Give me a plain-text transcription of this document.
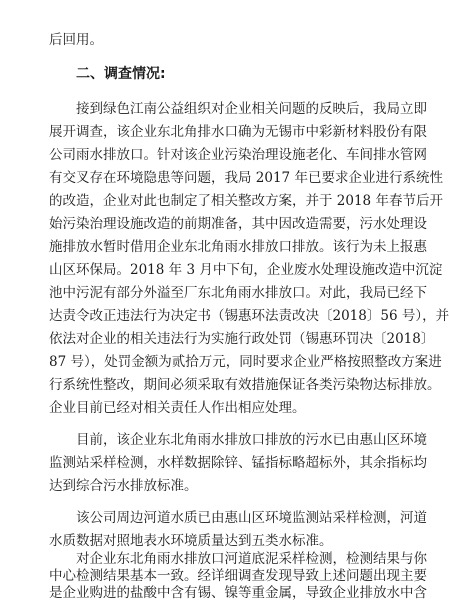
后回用。
二、调查情况:
接到绿色江南公益组织对企业相关问题的反映后，我局立即
展开调查，该企业东北角排水口确为无锡市中彩新材料股份有限
公司雨水排放口。针对该企业污染治理设施老化、车间排水管网
有交叉存在环境隐患等问题，我局 2017 年已要求企业进行系统性
的改造，企业对此也制定了相关整改方案，并于 2018 年春节后开
始污染治理设施改造的前期准备，其中因改造需要，污水处理设
施排放水暂时借用企业东北角雨水排放口排放。该行为未上报惠
山区环保局。2018 年 3 月中下旬，企业废水处理设施改造中沉淀
池中污泥有部分外溢至厂东北角雨水排放口。对此，我局已经下
达责令改正违法行为决定书（锡惠环法责改决〔2018〕56 号），并
依法对企业的相关违法行为实施行政处罚（锡惠环罚决〔2018〕
87 号），处罚金额为贰拾万元，同时要求企业严格按照整改方案进
行系统性整改，期间必须采取有效措施保证各类污染物达标排放。
企业目前已经对相关责任人作出相应处理。
目前，该企业东北角雨水排放口排放的污水已由惠山区环境
监测站采样检测，水样数据除锌、锰指标略超标外，其余指标均
达到综合污水排放标准。
该公司周边河道水质已由惠山区环境监测站采样检测，河道
水质数据对照地表水环境质量达到五类水标准。
对企业东北角雨水排放口河道底泥采样检测，检测结果与你
中心检测结果基本一致。经详细调查发现导致上述问题出现主要
是企业购进的盐酸中含有锡、镍等重金属，导致企业排放水中含
